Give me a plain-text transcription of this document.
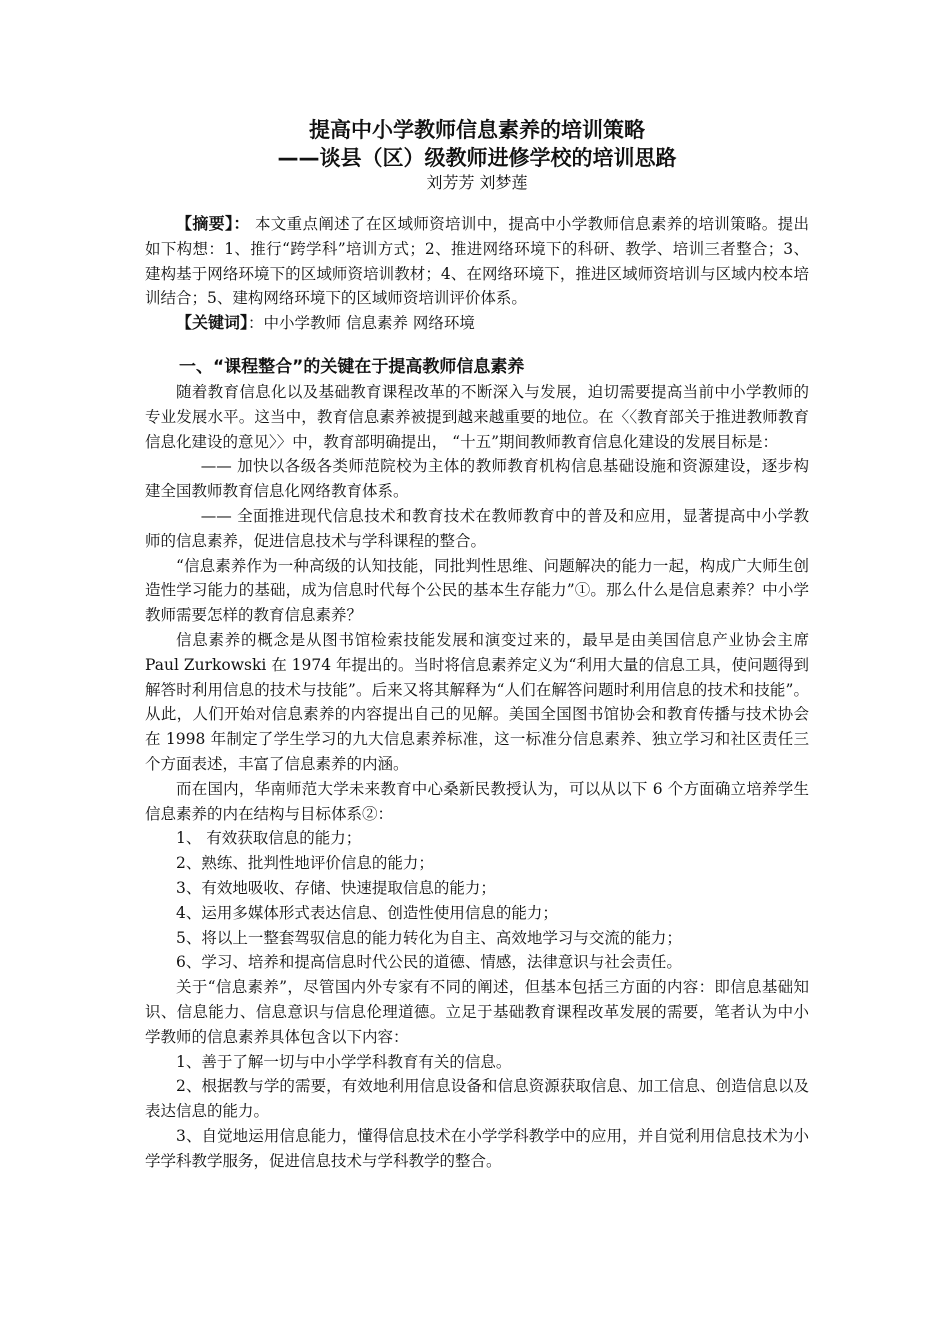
提高中小学教师信息素养的培训策略
——谈县（区）级教师进修学校的培训思路
刘芳芳 刘梦莲

【摘要】： 本文重点阐述了在区域师资培训中，提高中小学教师信息素养的培训策略。提出如下构想：1、推行“跨学科”培训方式；2、推进网络环境下的科研、教学、培训三者整合；3、建构基于网络环境下的区域师资培训教材；4、在网络环境下，推进区域师资培训与区域内校本培训结合；5、建构网络环境下的区域师资培训评价体系。

【关键词】：中小学教师 信息素养 网络环境

一、“课程整合”的关键在于提高教师信息素养

随着教育信息化以及基础教育课程改革的不断深入与发展，迫切需要提高当前中小学教师的专业发展水平。这当中，教育信息素养被提到越来越重要的地位。在〈〈教育部关于推进教师教育信息化建设的意见〉〉中，教育部明确提出， “十五”期间教师教育信息化建设的发展目标是：

—— 加快以各级各类师范院校为主体的教师教育机构信息基础设施和资源建设，逐步构建全国教师教育信息化网络教育体系。

—— 全面推进现代信息技术和教育技术在教师教育中的普及和应用，显著提高中小学教师的信息素养，促进信息技术与学科课程的整合。

“信息素养作为一种高级的认知技能，同批判性思维、问题解决的能力一起，构成广大师生创造性学习能力的基础，成为信息时代每个公民的基本生存能力”①。那么什么是信息素养？中小学教师需要怎样的教育信息素养？

信息素养的概念是从图书馆检索技能发展和演变过来的，最早是由美国信息产业协会主席 Paul Zurkowski 在 1974 年提出的。当时将信息素养定义为“利用大量的信息工具，使问题得到解答时利用信息的技术与技能”。后来又将其解释为“人们在解答问题时利用信息的技术和技能”。从此，人们开始对信息素养的内容提出自己的见解。美国全国图书馆协会和教育传播与技术协会在 1998 年制定了学生学习的九大信息素养标准，这一标准分信息素养、独立学习和社区责任三个方面表述，丰富了信息素养的内涵。

而在国内，华南师范大学未来教育中心桑新民教授认为，可以从以下 6 个方面确立培养学生信息素养的内在结构与目标体系②：

1、 有效获取信息的能力；

2、熟练、批判性地评价信息的能力；

3、有效地吸收、存储、快速提取信息的能力；

4、运用多媒体形式表达信息、创造性使用信息的能力；

5、将以上一整套驾驭信息的能力转化为自主、高效地学习与交流的能力；

6、学习、培养和提高信息时代公民的道德、情感，法律意识与社会责任。

关于“信息素养”，尽管国内外专家有不同的阐述，但基本包括三方面的内容：即信息基础知识、信息能力、信息意识与信息伦理道德。立足于基础教育课程改革发展的需要，笔者认为中小学教师的信息素养具体包含以下内容：

1、善于了解一切与中小学学科教育有关的信息。

2、根据教与学的需要，有效地利用信息设备和信息资源获取信息、加工信息、创造信息以及表达信息的能力。

3、自觉地运用信息能力，懂得信息技术在小学学科教学中的应用，并自觉利用信息技术为小学学科教学服务，促进信息技术与学科教学的整合。
